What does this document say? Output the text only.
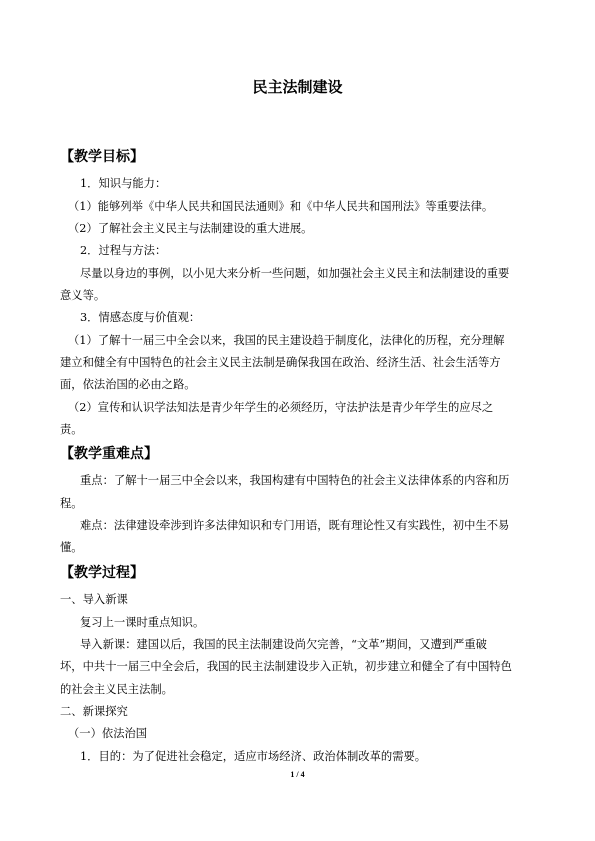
民主法制建设
【教学目标】
1．知识与能力：
（1）能够列举《中华人民共和国民法通则》和《中华人民共和国刑法》等重要法律。
（2）了解社会主义民主与法制建设的重大进展。
2．过程与方法：
尽量以身边的事例，以小见大来分析一些问题，如加强社会主义民主和法制建设的重要
意义等。
3．情感态度与价值观：
（1）了解十一届三中全会以来，我国的民主建设趋于制度化，法律化的历程，充分理解
建立和健全有中国特色的社会主义民主法制是确保我国在政治、经济生活、社会生活等方
面，依法治国的必由之路。
（2）宣传和认识学法知法是青少年学生的必须经历，守法护法是青少年学生的应尽之
责。
【教学重难点】
重点：了解十一届三中全会以来，我国构建有中国特色的社会主义法律体系的内容和历
程。
难点：法律建设牵涉到许多法律知识和专门用语，既有理论性又有实践性，初中生不易
懂。
【教学过程】
一、导入新课
复习上一课时重点知识。
导入新课：建国以后，我国的民主法制建设尚欠完善，“文革”期间，又遭到严重破
坏，中共十一届三中全会后，我国的民主法制建设步入正轨，初步建立和健全了有中国特色
的社会主义民主法制。
二、新课探究
（一）依法治国
1．目的：为了促进社会稳定，适应市场经济、政治体制改革的需要。
1 / 4
